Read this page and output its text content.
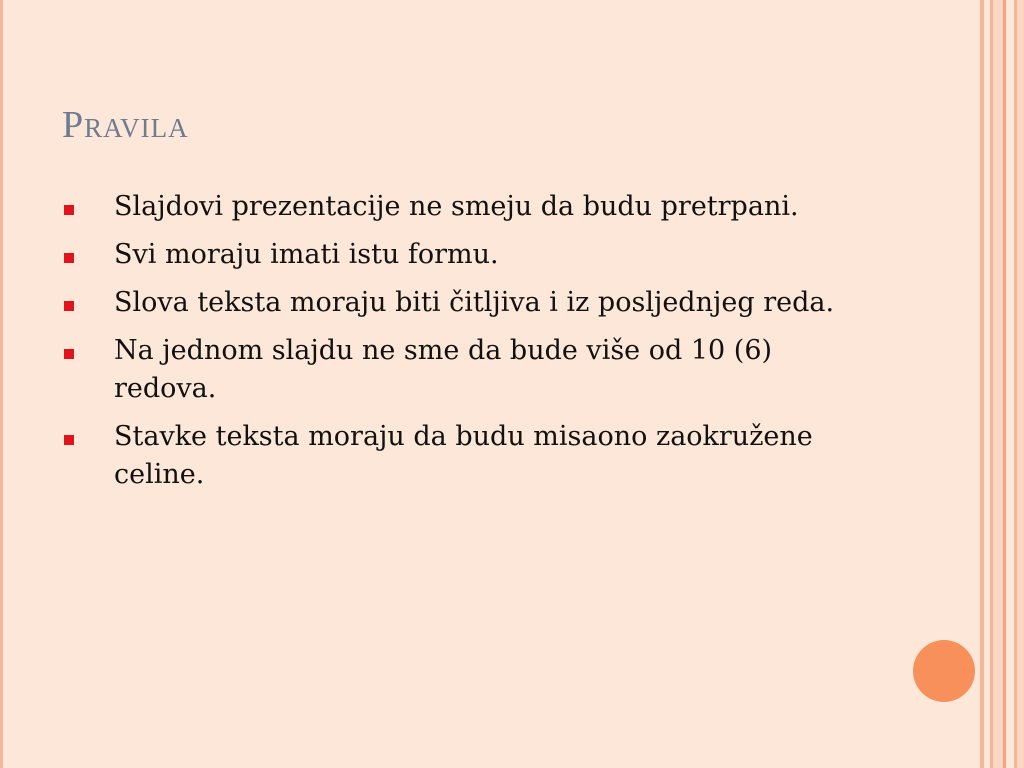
Pravila
Slajdovi prezentacije ne smeju da budu pretrpani.
Svi moraju imati istu formu.
Slova teksta moraju biti čitljiva i iz posljednjeg reda.
Na jednom slajdu ne sme da bude više od 10 (6) redova.
Stavke teksta moraju da budu misaono zaokružene celine.
